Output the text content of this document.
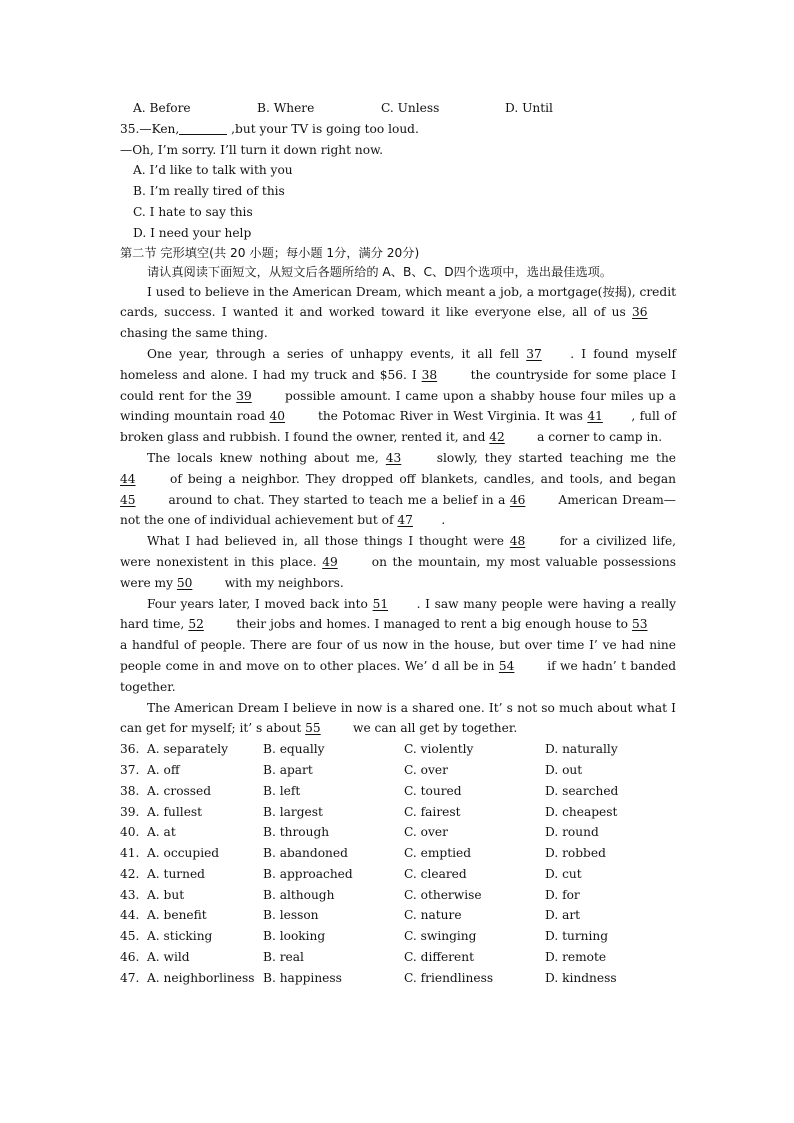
A. Before	B. Where	C. Unless	D. Until
35.—Ken,	,but your TV is going too loud.
—Oh, I’m sorry. I’ll turn it down right now.
A. I’d like to talk with you
B. I’m really tired of this
C. I hate to say this
D. I need your help
第二节 完形填空(共 20 小题；每小题 1分，满分 20分)
请认真阅读下面短文，从短文后各题所给的 A、B、C、D四个选项中，选出最佳选项。
I used to believe in the American Dream, which meant a job, a mortgage(按揭), credit cards, success. I wanted it and worked toward it like everyone else, all of us 36 chasing the same thing.
One year, through a series of unhappy events, it all fell 37 . I found myself homeless and alone. I had my truck and $56. I 38	the countryside for some place I could rent for the 39	possible amount. I came upon a shabby house four miles up a winding mountain road 40	the Potomac River in West Virginia. It was 41 , full of broken glass and rubbish. I found the owner, rented it, and 42	a corner to camp in.
The locals knew nothing about me, 43	slowly, they started teaching me the 44	of being a neighbor. They dropped off blankets, candles, and tools, and began 45	around to chat. They started to teach me a belief in a 46	American Dream—not the one of individual achievement but of 47 .
What I had believed in, all those things I thought were 48	for a civilized life, were nonexistent in this place. 49	on the mountain, my most valuable possessions were my 50	with my neighbors.
Four years later, I moved back into 51 . I saw many people were having a really hard time, 52	their jobs and homes. I managed to rent a big enough house to 53 a handful of people. There are four of us now in the house, but over time I’ ve had nine people come in and move on to other places. We’ d all be in 54	if we hadn’ t banded together.
The American Dream I believe in now is a shared one. It’ s not so much about what I can get for myself; it’ s about 55	we can all get by together.
36. A. separately	B. equally	C. violently	D. naturally
37. A. off	B. apart	C. over	D. out
38. A. crossed	B. left	C. toured	D. searched
39. A. fullest	B. largest	C. fairest	D. cheapest
40. A. at	B. through	C. over	D. round
41. A. occupied	B. abandoned	C. emptied	D. robbed
42. A. turned	B. approached	C. cleared	D. cut
43. A. but	B. although	C. otherwise	D. for
44. A. benefit	B. lesson	C. nature	D. art
45. A. sticking	B. looking	C. swinging	D. turning
46. A. wild	B. real	C. different	D. remote
47. A. neighborliness B. happiness	C. friendliness	D. kindness
